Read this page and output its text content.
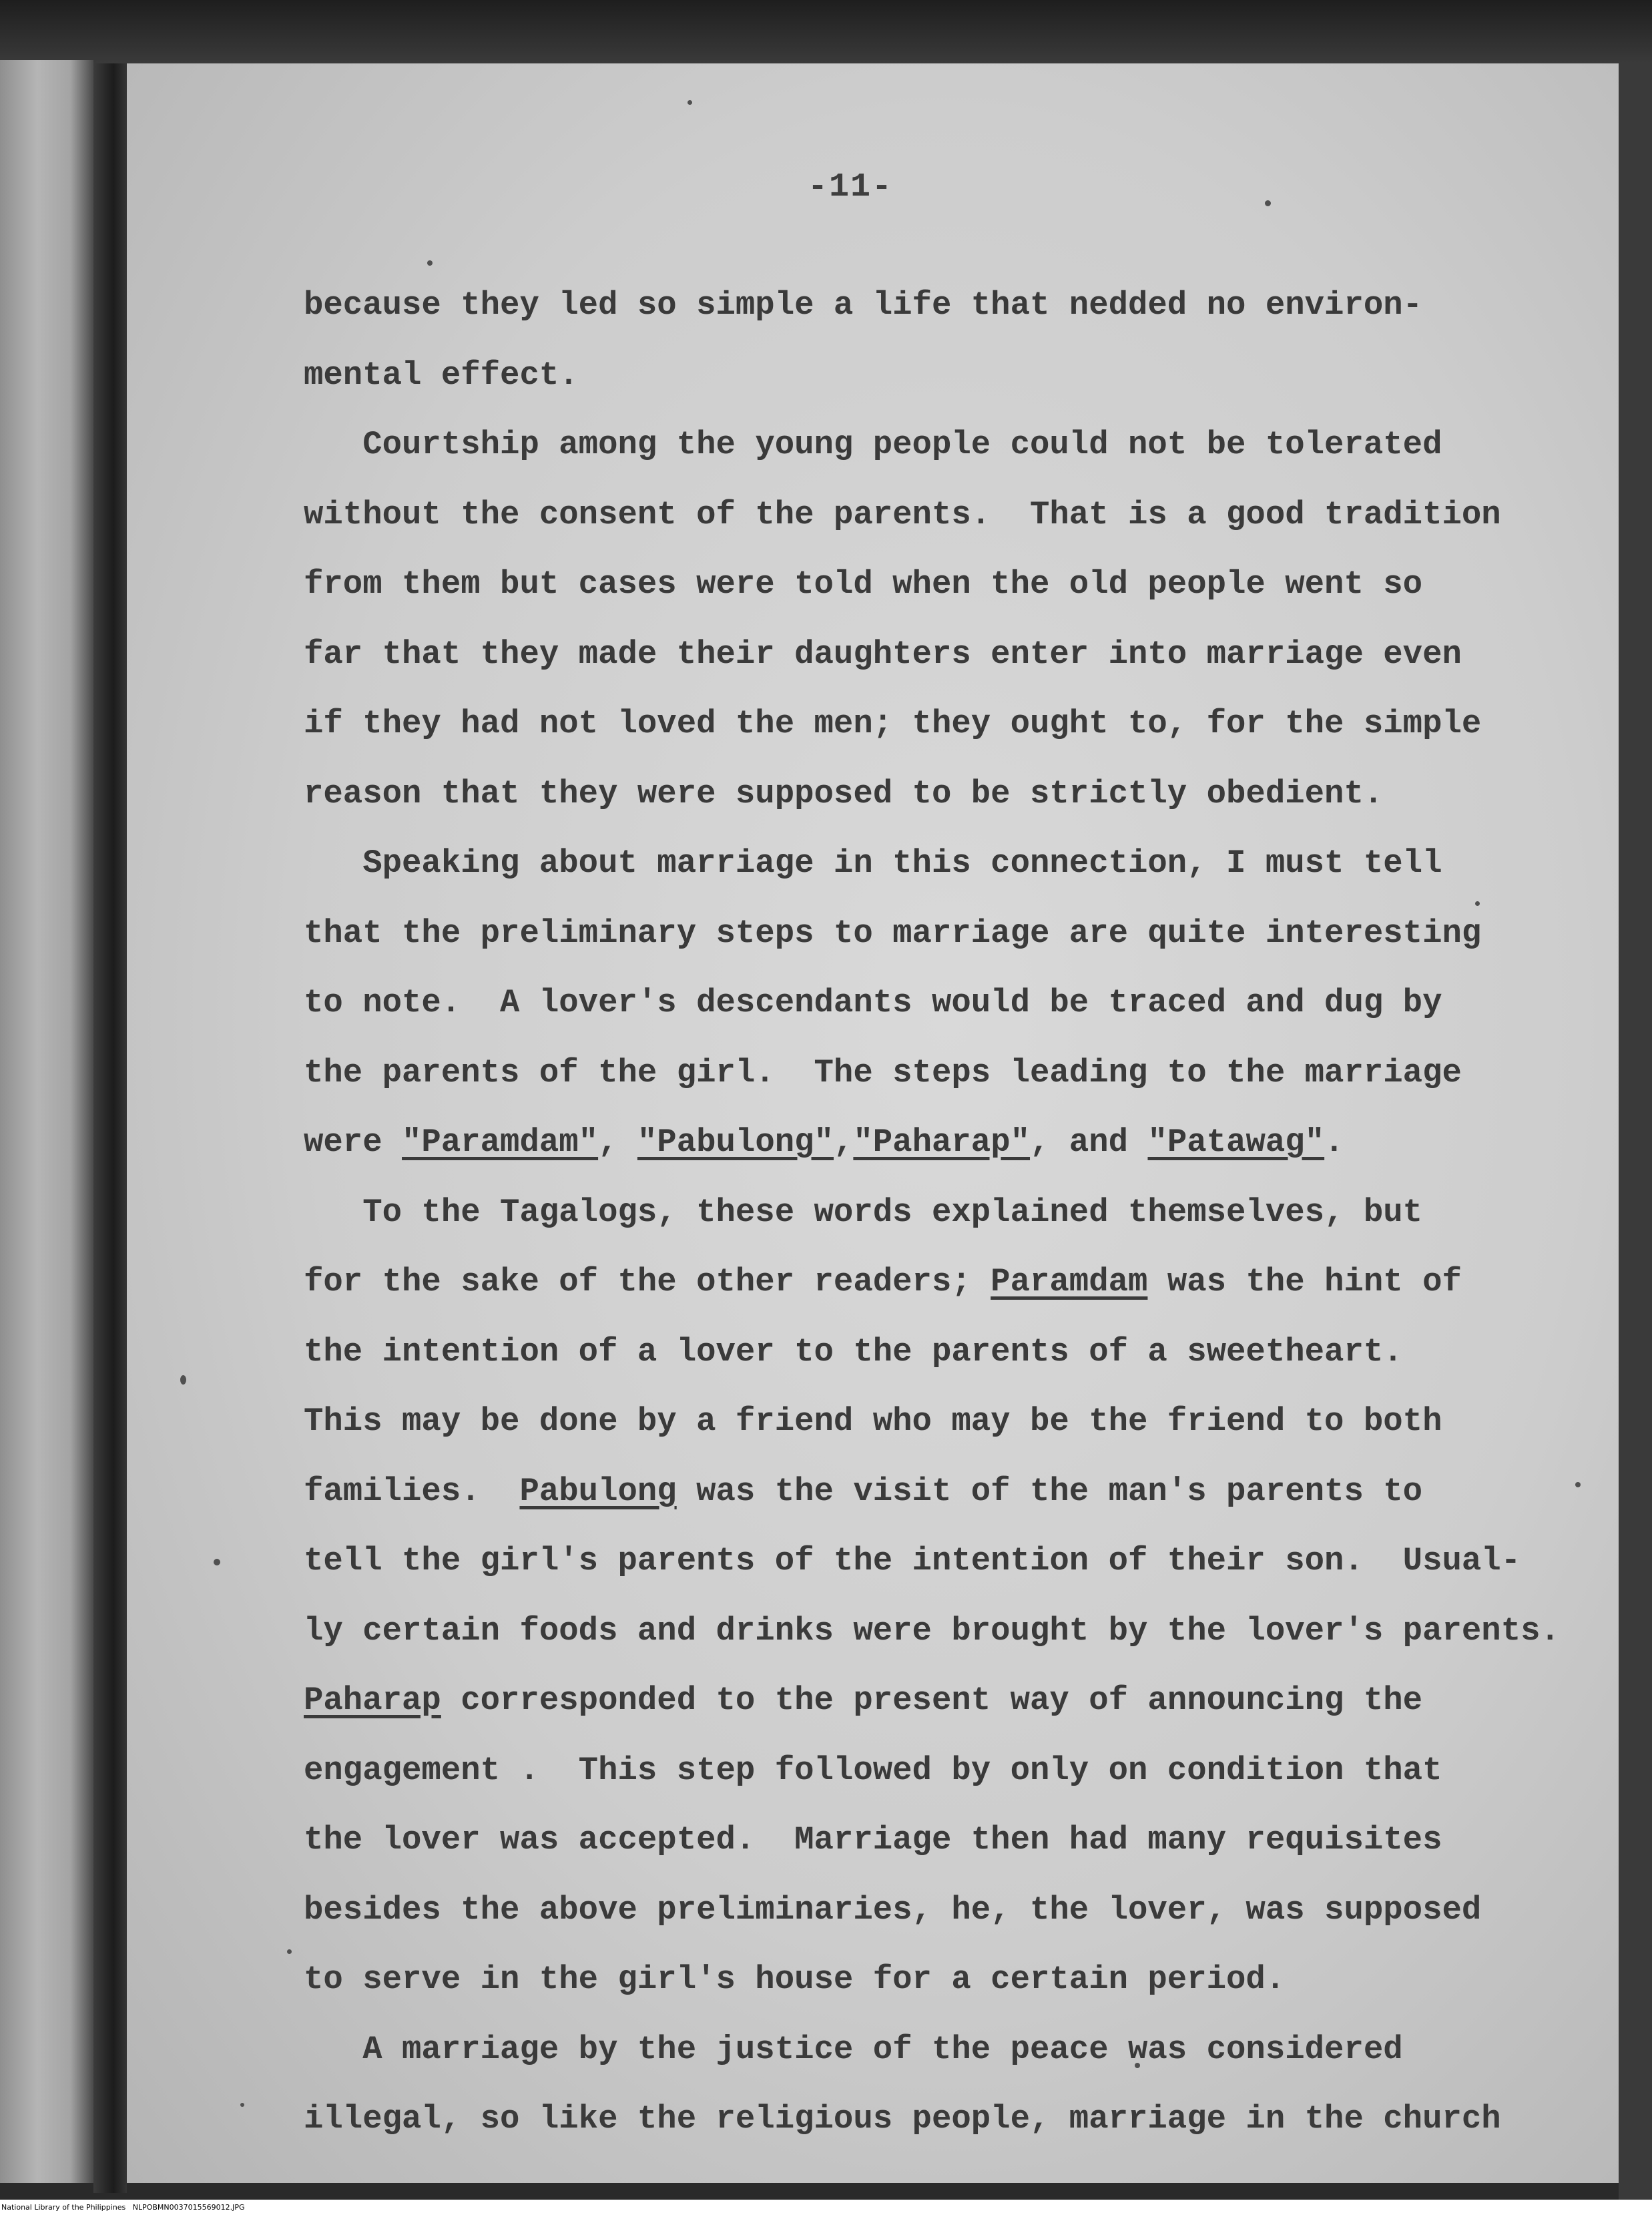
-11-
because they led so simple a life that nedded no environ-
mental effect.
Courtship among the young people could not be tolerated
without the consent of the parents.  That is a good tradition
from them but cases were told when the old people went so
far that they made their daughters enter into marriage even
if they had not loved the men; they ought to, for the simple
reason that they were supposed to be strictly obedient.
Speaking about marriage in this connection, I must tell
that the preliminary steps to marriage are quite interesting
to note.  A lover's descendants would be traced and dug by
the parents of the girl.  The steps leading to the marriage
were "Paramdam", "Pabulong","Paharap", and "Patawag".
To the Tagalogs, these words explained themselves, but
for the sake of the other readers; Paramdam was the hint of
the intention of a lover to the parents of a sweetheart.
This may be done by a friend who may be the friend to both
families.  Pabulong was the visit of the man's parents to
tell the girl's parents of the intention of their son.  Usual-
ly certain foods and drinks were brought by the lover's parents.
Paharap corresponded to the present way of announcing the
engagement .  This step followed by only on condition that
the lover was accepted.  Marriage then had many requisites
besides the above preliminaries, he, the lover, was supposed
to serve in the girl's house for a certain period.
A marriage by the justice of the peace was considered
illegal, so like the religious people, marriage in the church
National Library of the Philippines NLPOBMN0037015569012.JPG
